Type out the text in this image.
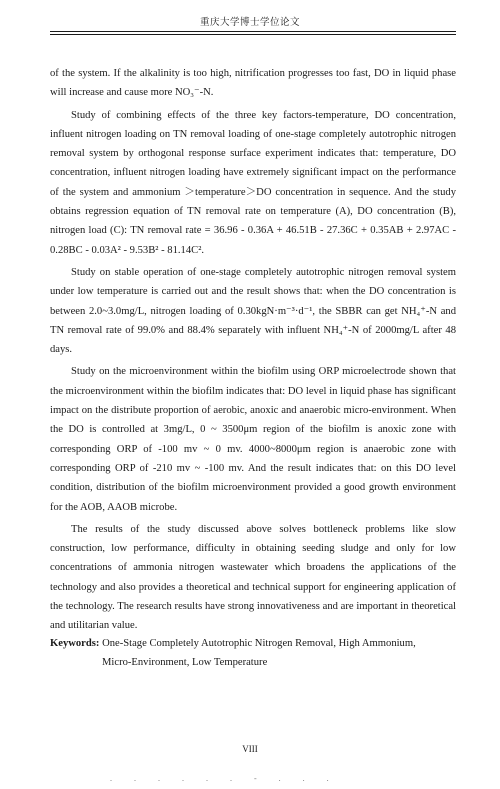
重庆大学博士学位论文

of the system. If the alkalinity is too high, nitrification progresses too fast, DO in liquid phase will increase and cause more NO₃⁻-N.

Study of combining effects of the three key factors-temperature, DO concentration, influent nitrogen loading on TN removal loading of one-stage completely autotrophic nitrogen removal system by orthogonal response surface experiment indicates that: temperature, DO concentration, influent nitrogen loading have extremely significant impact on the performance of the system and ammonium ＞temperature＞DO concentration in sequence. And the study obtains regression equation of TN removal rate on temperature (A), DO concentration (B), nitrogen load (C): TN removal rate = 36.96 - 0.36A + 46.51B - 27.36C + 0.35AB + 2.97AC - 0.28BC - 0.03A² - 9.53B² - 81.14C².

Study on stable operation of one-stage completely autotrophic nitrogen removal system under low temperature is carried out and the result shows that: when the DO concentration is between 2.0~3.0mg/L, nitrogen loading of 0.30kgN·m⁻³·d⁻¹, the SBBR can get NH₄⁺-N and TN removal rate of 99.0% and 88.4% separately with influent NH₄⁺-N of 2000mg/L after 48 days.

Study on the microenvironment within the biofilm using ORP microelectrode shown that the microenvironment within the biofilm indicates that: DO level in liquid phase has significant impact on the distribute proportion of aerobic, anoxic and anaerobic micro-environment. When the DO is controlled at 3mg/L, 0 ~ 3500μm region of the biofilm is anoxic zone with corresponding ORP of -100 mv ~ 0 mv. 4000~8000μm region is anaerobic zone with corresponding ORP of -210 mv ~ -100 mv. And the result indicates that: on this DO level condition, distribution of the biofilm microenvironment provided a good growth environment for the AOB, AAOB microbe.

The results of the study discussed above solves bottleneck problems like slow construction, low performance, difficulty in obtaining seeding sludge and only for low concentrations of ammonia nitrogen wastewater which broadens the applications of the technology and also provides a theoretical and technical support for engineering application of the technology. The research results have strong innovativeness and are important in theoretical and utilitarian value.

Keywords: One-Stage Completely Autotrophic Nitrogen Removal, High Ammonium,
Micro-Environment, Low Temperature
VIII
. . . . . . - . . .
